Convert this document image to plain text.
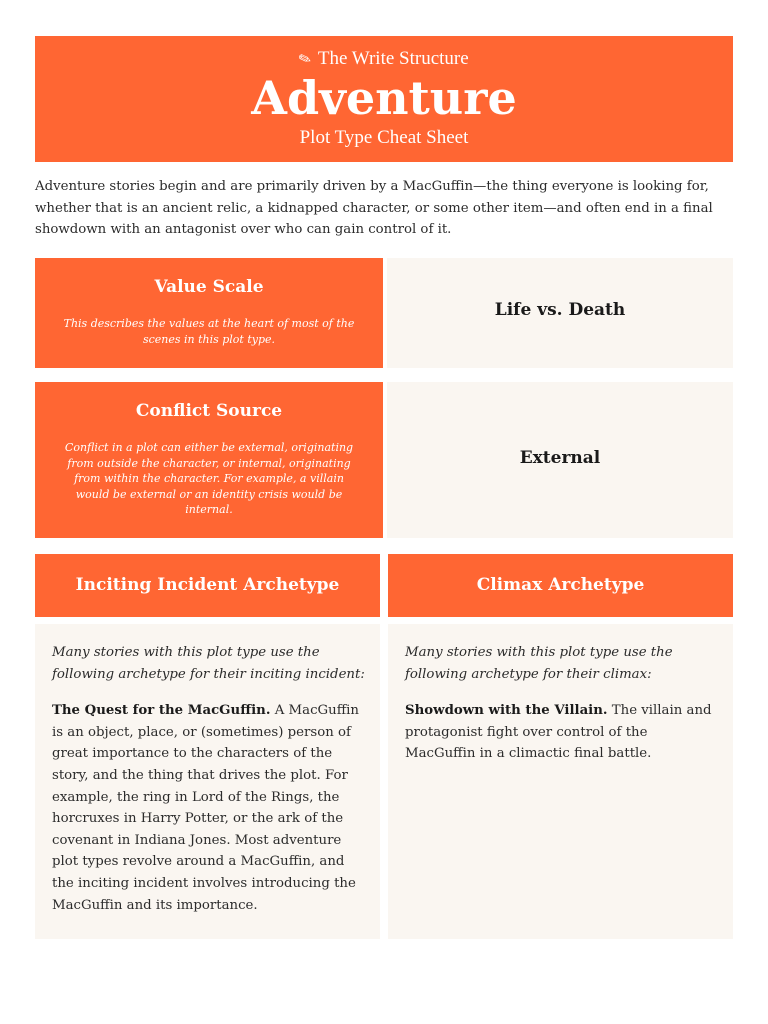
✎ The Write Structure
Adventure
Plot Type Cheat Sheet
Adventure stories begin and are primarily driven by a MacGuffin—the thing everyone is looking for, whether that is an ancient relic, a kidnapped character, or some other item—and often end in a final showdown with an antagonist over who can gain control of it.
Value Scale
This describes the values at the heart of most of the scenes in this plot type.
Life vs. Death
Conflict Source
Conflict in a plot can either be external, originating from outside the character, or internal, originating from within the character. For example, a villain would be external or an identity crisis would be internal.
External
Inciting Incident Archetype

Many stories with this plot type use the following archetype for their inciting incident:

The Quest for the MacGuffin. A MacGuffin is an object, place, or (sometimes) person of great importance to the characters of the story, and the thing that drives the plot. For example, the ring in Lord of the Rings, the horcruxes in Harry Potter, or the ark of the covenant in Indiana Jones. Most adventure plot types revolve around a MacGuffin, and the inciting incident involves introducing the MacGuffin and its importance.

Climax Archetype

Many stories with this plot type use the following archetype for their climax:

Showdown with the Villain. The villain and protagonist fight over control of the MacGuffin in a climactic final battle.
